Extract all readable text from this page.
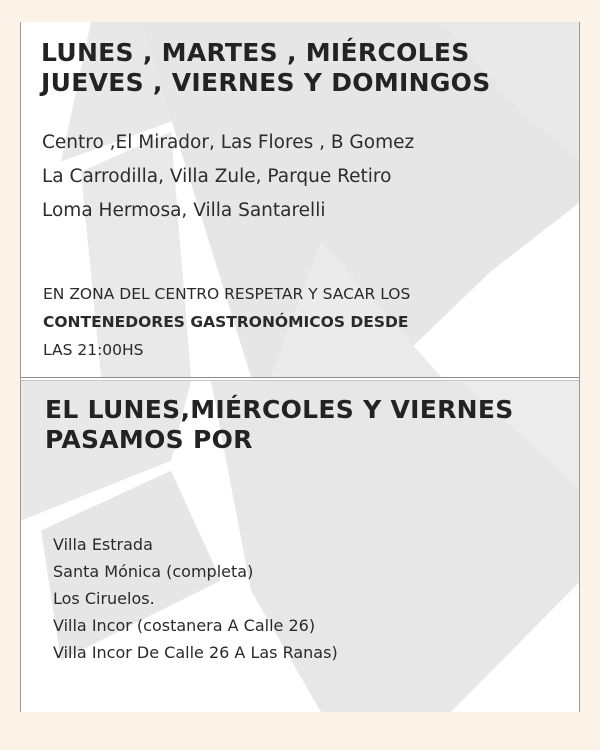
LUNES , MARTES , MIÉRCOLES
JUEVES , VIERNES Y DOMINGOS
Centro ,El Mirador, Las Flores , B Gomez
La Carrodilla, Villa Zule, Parque Retiro
Loma Hermosa, Villa Santarelli
EN ZONA DEL CENTRO RESPETAR Y SACAR LOS
CONTENEDORES GASTRONÓMICOS DESDE
LAS 21:00HS
EL LUNES,MIÉRCOLES Y VIERNES
PASAMOS POR
Villa Estrada
Santa Mónica (completa)
Los Ciruelos.
Villa Incor (costanera A Calle 26)
Villa Incor De Calle 26 A Las Ranas)
